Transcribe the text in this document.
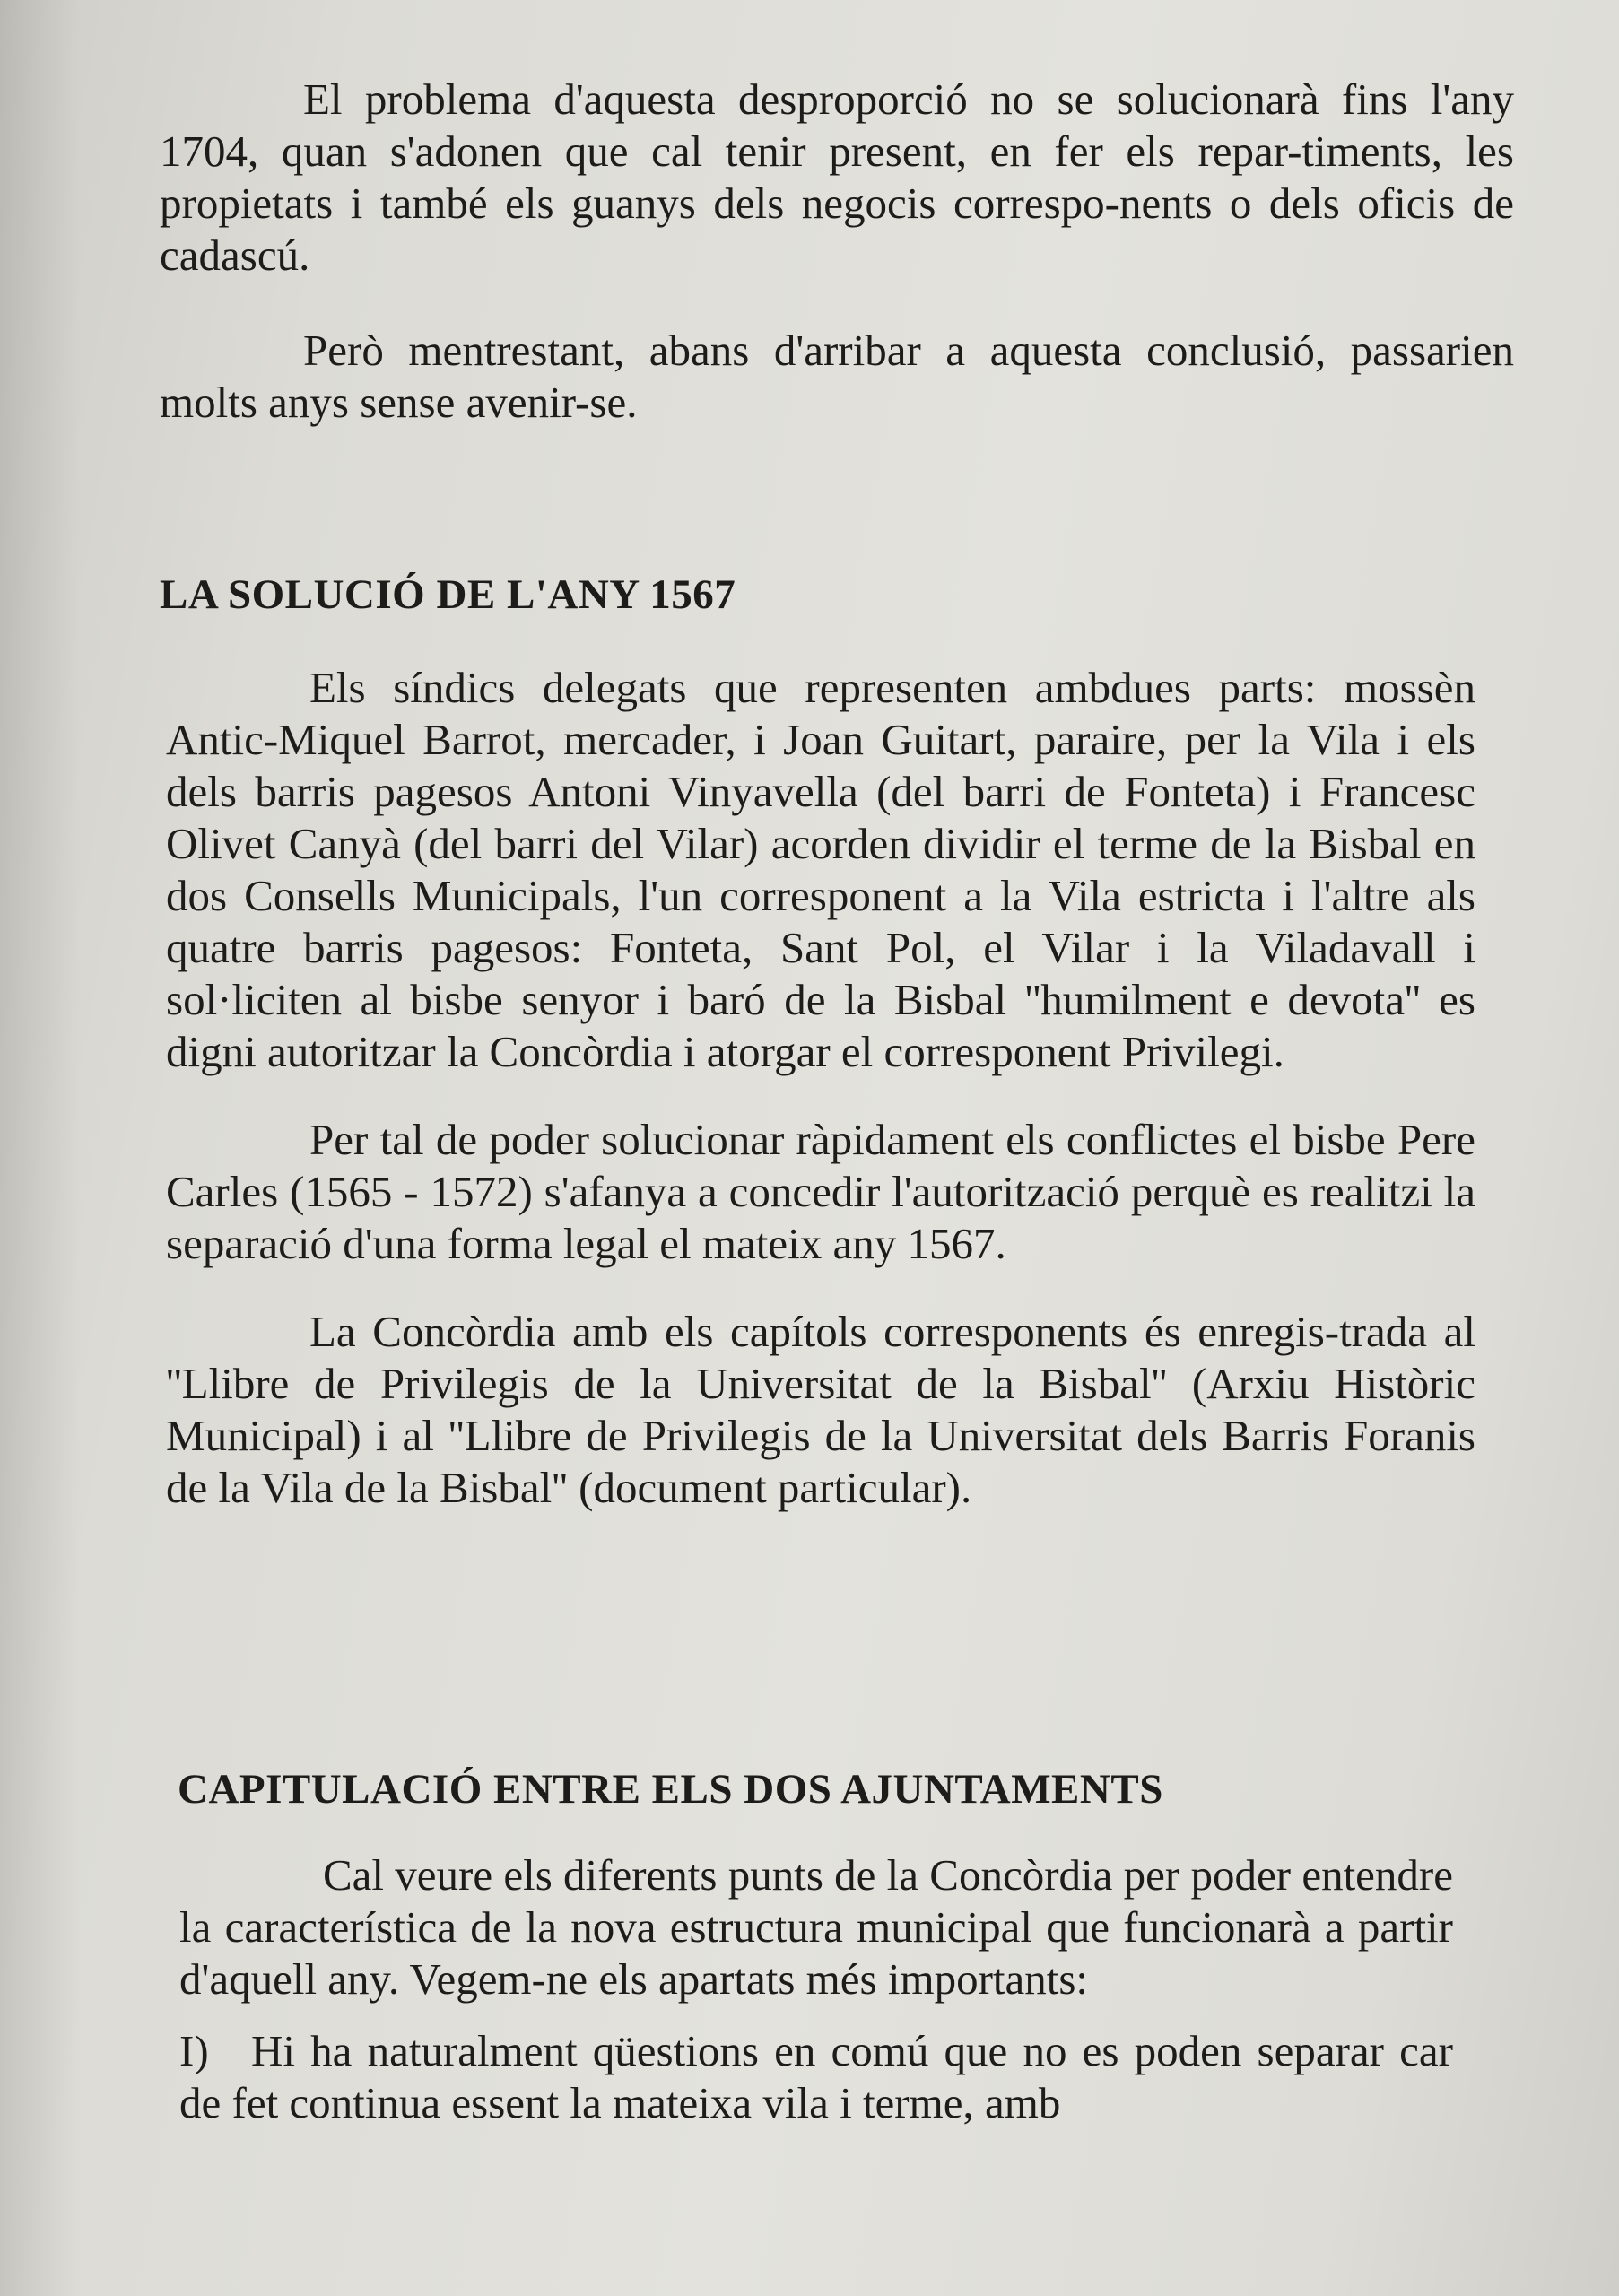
El problema d'aquesta desproporció no se solucionarà fins l'any 1704, quan s'adonen que cal tenir present, en fer els repar-timents, les propietats i també els guanys dels negocis correspo-nents o dels oficis de cadascú.

Però mentrestant, abans d'arribar a aquesta conclusió, passarien molts anys sense avenir-se.

LA SOLUCIÓ DE L'ANY 1567

Els síndics delegats que representen ambdues parts: mossèn Antic-Miquel Barrot, mercader, i Joan Guitart, paraire, per la Vila i els dels barris pagesos Antoni Vinyavella (del barri de Fonteta) i Francesc Olivet Canyà (del barri del Vilar) acorden dividir el terme de la Bisbal en dos Consells Municipals, l'un corresponent a la Vila estricta i l'altre als quatre barris pagesos: Fonteta, Sant Pol, el Vilar i la Viladavall i sol·liciten al bisbe senyor i baró de la Bisbal ''humilment e devota'' es digni autoritzar la Concòrdia i atorgar el corresponent Privilegi.

Per tal de poder solucionar ràpidament els conflictes el bisbe Pere Carles (1565 - 1572) s'afanya a concedir l'autorització perquè es realitzi la separació d'una forma legal el mateix any 1567.

La Concòrdia amb els capítols corresponents és enregis-trada al ''Llibre de Privilegis de la Universitat de la Bisbal'' (Arxiu Històric Municipal) i al ''Llibre de Privilegis de la Universitat dels Barris Foranis de la Vila de la Bisbal'' (document particular).

CAPITULACIÓ ENTRE ELS DOS AJUNTAMENTS

Cal veure els diferents punts de la Concòrdia per poder entendre la característica de la nova estructura municipal que funcionarà a partir d'aquell any. Vegem-ne els apartats més importants:

I) Hi ha naturalment qüestions en comú que no es poden separar car de fet continua essent la mateixa vila i terme, amb
